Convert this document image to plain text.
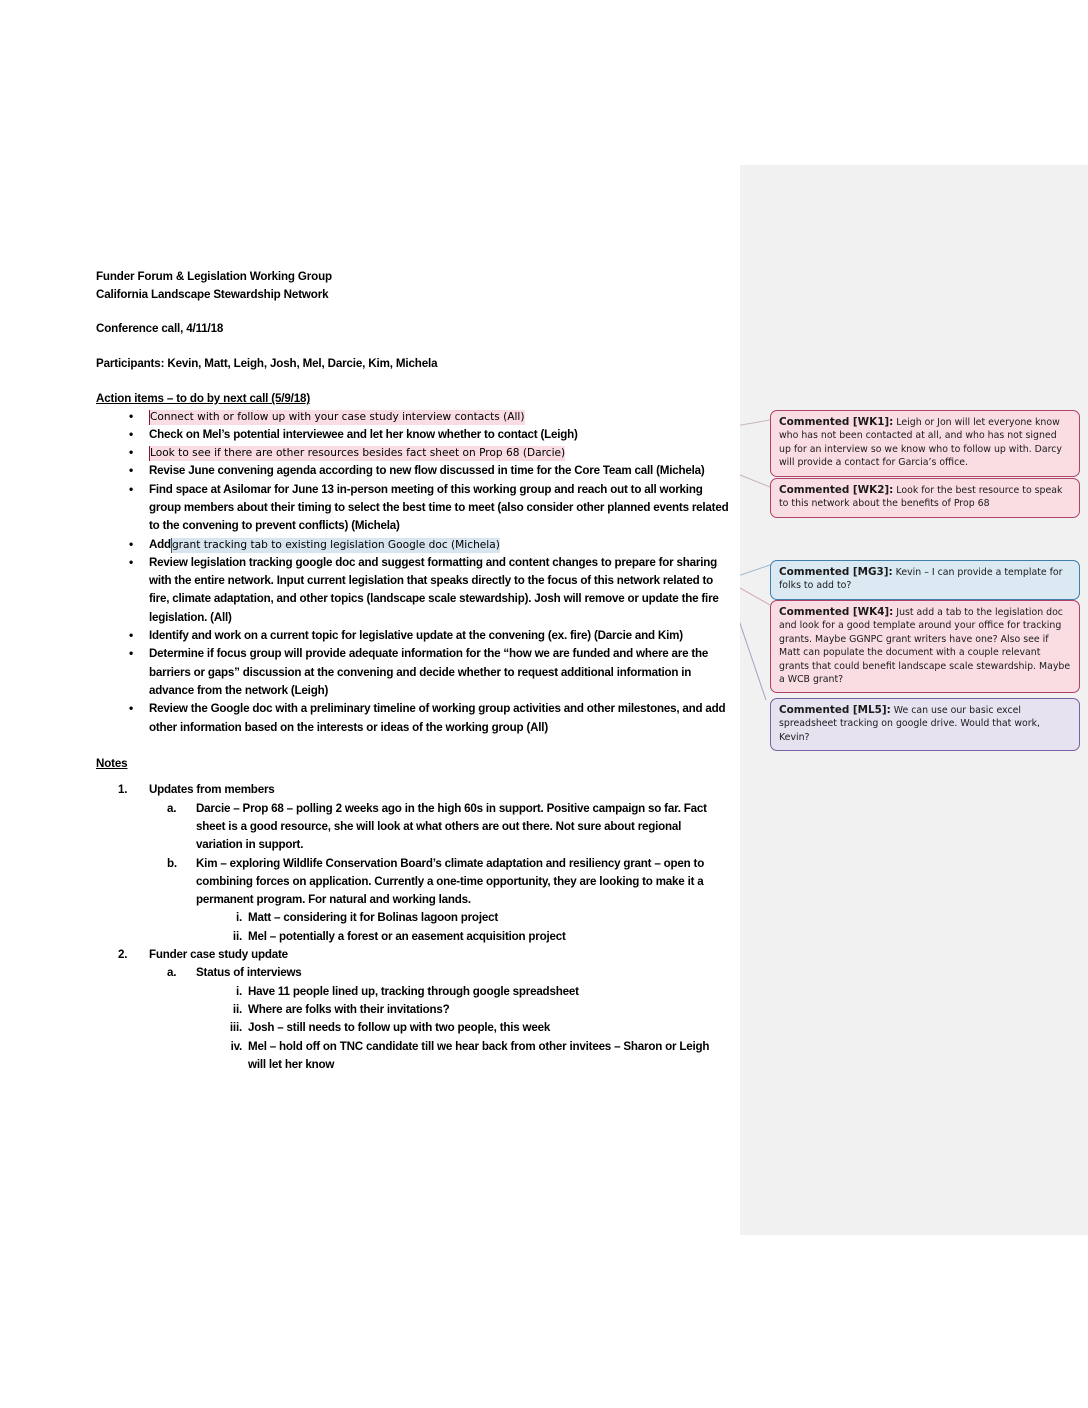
Funder Forum & Legislation Working Group
California Landscape Stewardship Network
Conference call, 4/11/18
Participants: Kevin, Matt, Leigh, Josh, Mel, Darcie, Kim, Michela
Action items – to do by next call (5/9/18)
• Connect with or follow up with your case study interview contacts (All)
• Check on Mel’s potential interviewee and let her know whether to contact (Leigh)
• Look to see if there are other resources besides fact sheet on Prop 68 (Darcie)
• Revise June convening agenda according to new flow discussed in time for the Core Team call (Michela)
• Find space at Asilomar for June 13 in-person meeting of this working group and reach out to all working group members about their timing to select the best time to meet (also consider other planned events related to the convening to prevent conflicts) (Michela)
• Addgrant tracking tab to existing legislation Google doc (Michela)
• Review legislation tracking google doc and suggest formatting and content changes to prepare for sharing with the entire network. Input current legislation that speaks directly to the focus of this network related to fire, climate adaptation, and other topics (landscape scale stewardship). Josh will remove or update the fire legislation. (All)
• Identify and work on a current topic for legislative update at the convening (ex. fire) (Darcie and Kim)
• Determine if focus group will provide adequate information for the “how we are funded and where are the barriers or gaps” discussion at the convening and decide whether to request additional information in advance from the network (Leigh)
• Review the Google doc with a preliminary timeline of working group activities and other milestones, and add other information based on the interests or ideas of the working group (All)
Notes
1. Updates from members
a. Darcie – Prop 68 – polling 2 weeks ago in the high 60s in support. Positive campaign so far. Fact sheet is a good resource, she will look at what others are out there. Not sure about regional variation in support.
b. Kim – exploring Wildlife Conservation Board’s climate adaptation and resiliency grant – open to combining forces on application. Currently a one-time opportunity, they are looking to make it a permanent program. For natural and working lands.
i. Matt – considering it for Bolinas lagoon project
ii. Mel – potentially a forest or an easement acquisition project
2. Funder case study update
a. Status of interviews
i. Have 11 people lined up, tracking through google spreadsheet
ii. Where are folks with their invitations?
iii. Josh – still needs to follow up with two people, this week
iv. Mel – hold off on TNC candidate till we hear back from other invitees – Sharon or Leigh will let her know
Commented [WK1]: Leigh or Jon will let everyone know who has not been contacted at all, and who has not signed up for an interview so we know who to follow up with. Darcy will provide a contact for Garcia’s office.
Commented [WK2]: Look for the best resource to speak to this network about the benefits of Prop 68
Commented [MG3]: Kevin – I can provide a template for folks to add to?
Commented [WK4]: Just add a tab to the legislation doc and look for a good template around your office for tracking grants. Maybe GGNPC grant writers have one? Also see if Matt can populate the document with a couple relevant grants that could benefit landscape scale stewardship. Maybe a WCB grant?
Commented [ML5]: We can use our basic excel spreadsheet tracking on google drive. Would that work, Kevin?
